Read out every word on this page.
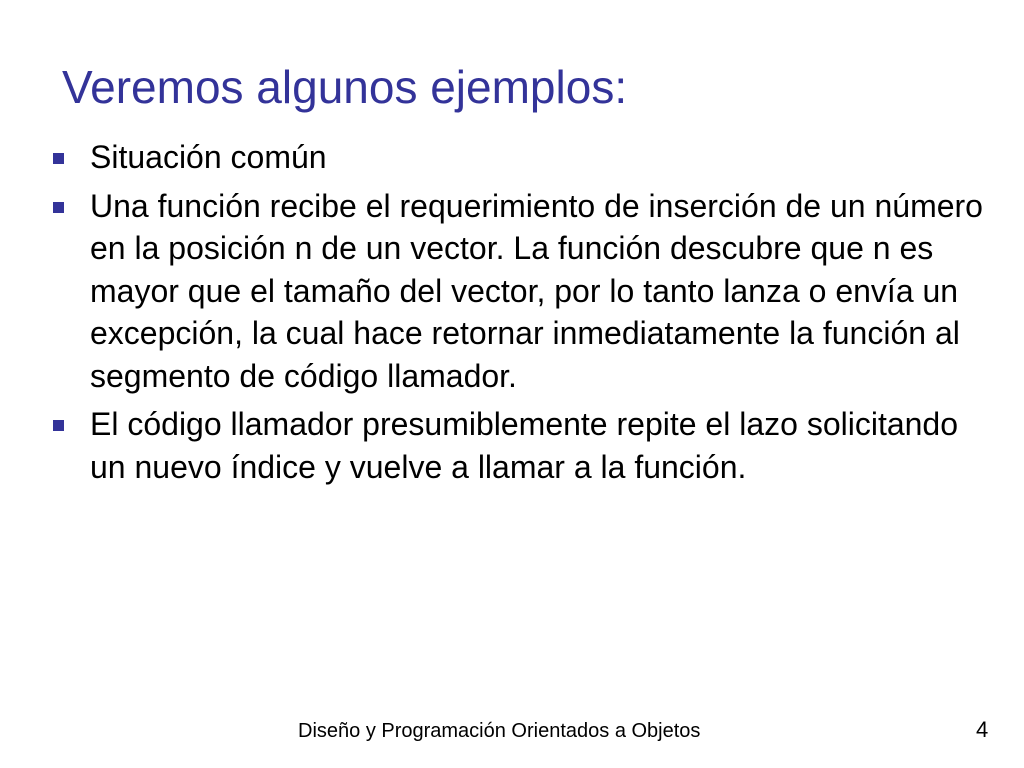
Veremos algunos ejemplos:
Situación común
Una función recibe el requerimiento de inserción de un número en la posición n de un vector. La función descubre que n es mayor que el tamaño del vector, por lo tanto lanza o envía un excepción, la cual hace retornar inmediatamente la función al segmento de código llamador.
El código llamador presumiblemente repite el lazo solicitando un nuevo índice y vuelve a llamar a la función.
Diseño y Programación Orientados a Objetos	4
